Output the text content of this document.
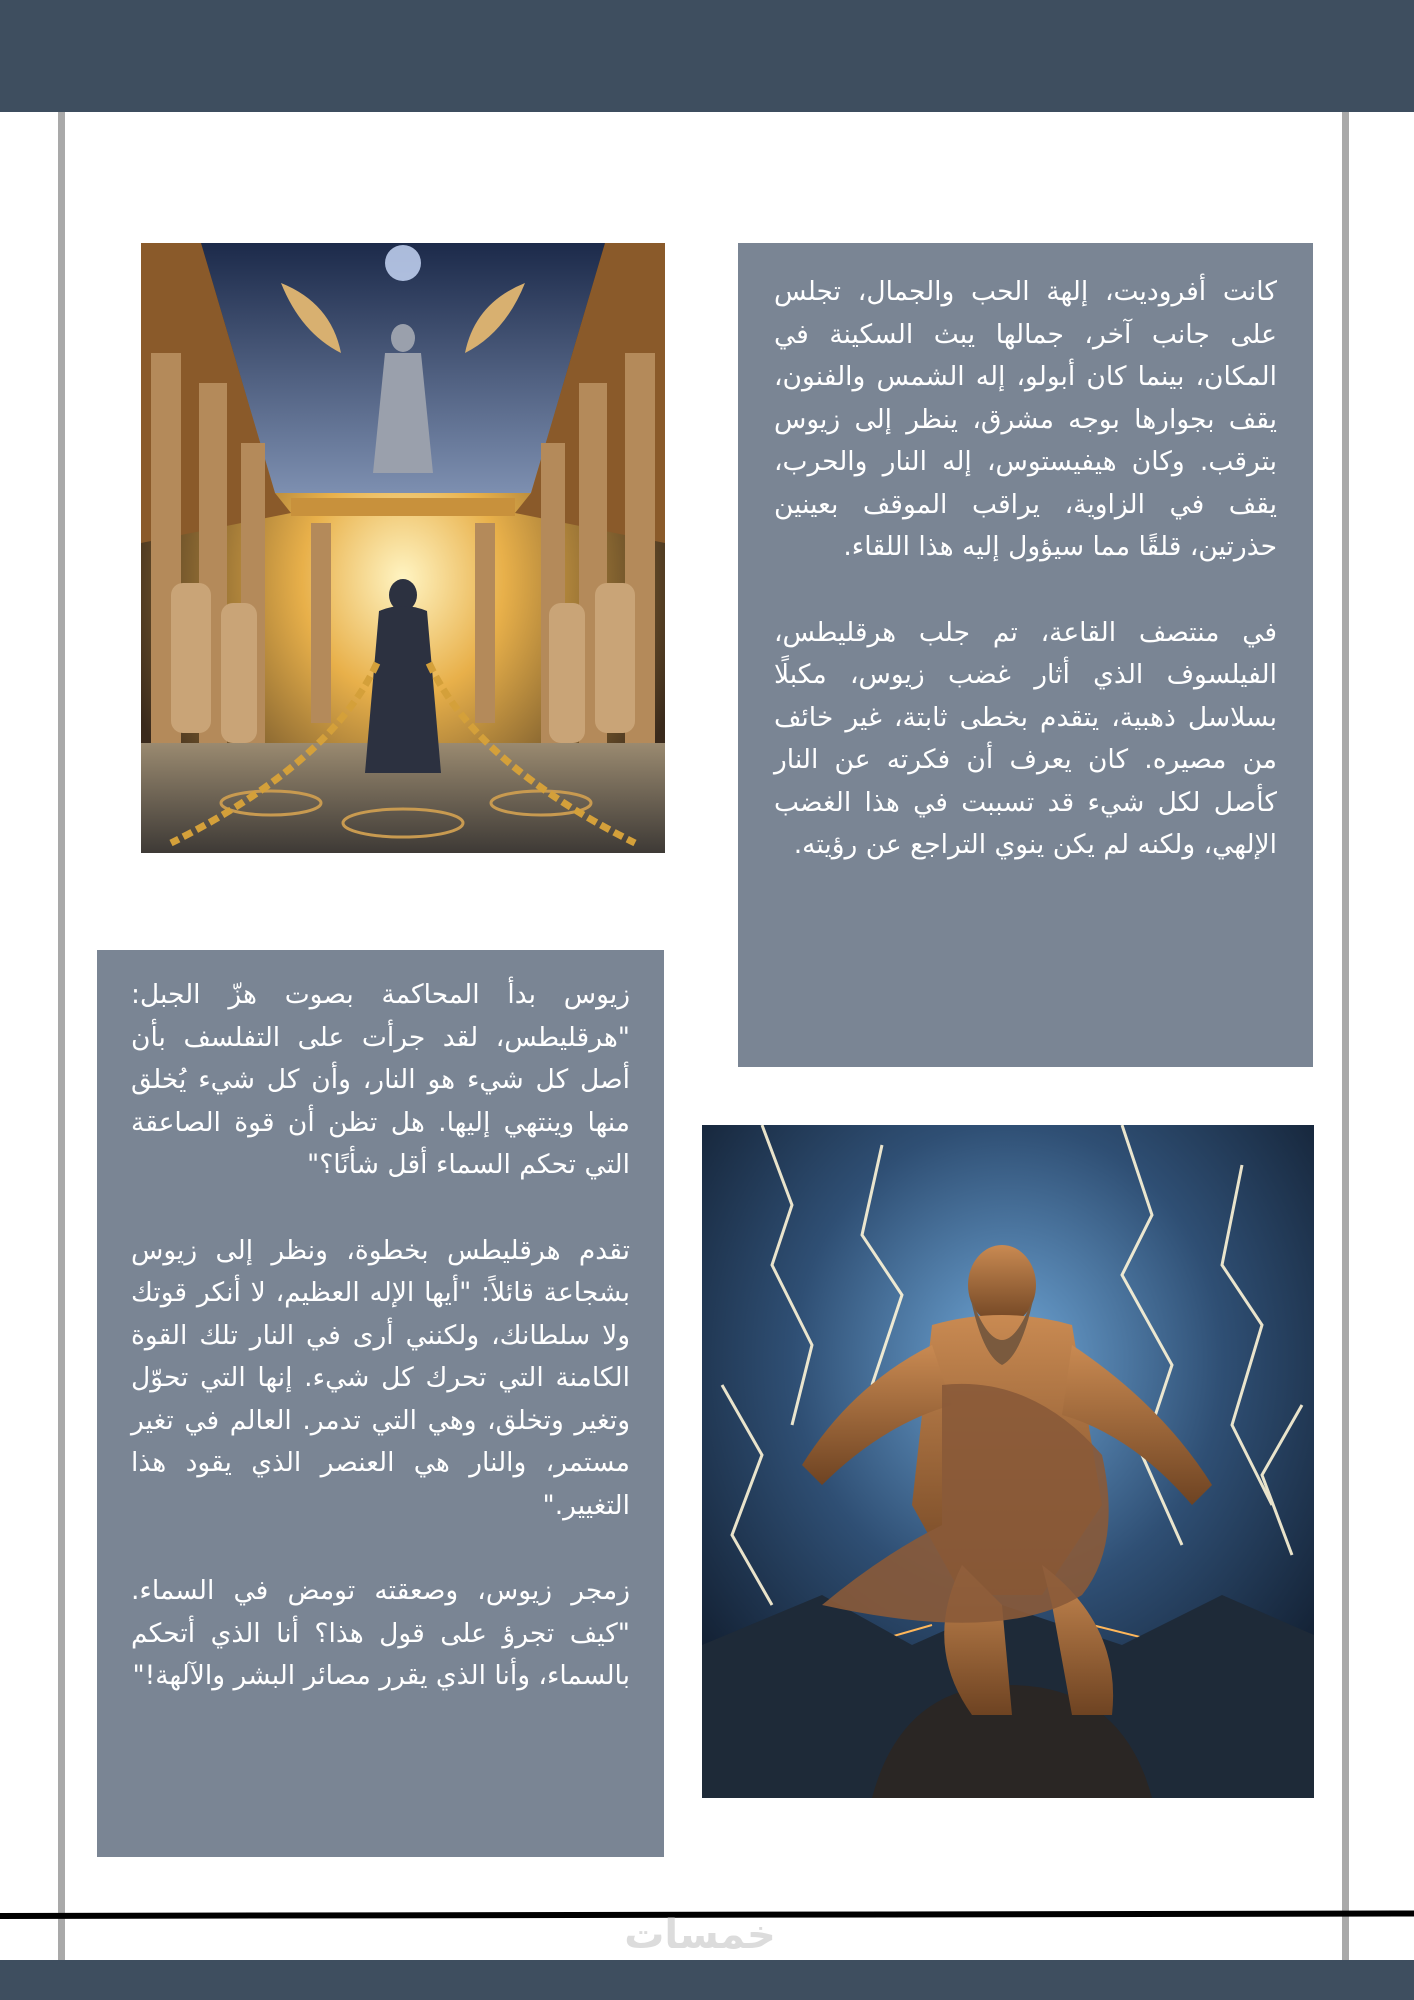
كانت أفروديت، إلهة الحب والجمال، تجلس على جانب آخر، جمالها يبث السكينة في المكان، بينما كان أبولو، إله الشمس والفنون، يقف بجوارها بوجه مشرق، ينظر إلى زيوس بترقب. وكان هيفيستوس، إله النار والحرب، يقف في الزاوية، يراقب الموقف بعينين حذرتين، قلقًا مما سيؤول إليه هذا اللقاء.

في منتصف القاعة، تم جلب هرقليطس، الفيلسوف الذي أثار غضب زيوس، مكبلًا بسلاسل ذهبية، يتقدم بخطى ثابتة، غير خائف من مصيره. كان يعرف أن فكرته عن النار كأصل لكل شيء قد تسببت في هذا الغضب الإلهي، ولكنه لم يكن ينوي التراجع عن رؤيته.

زيوس بدأ المحاكمة بصوت هزّ الجبل: "هرقليطس، لقد جرأت على التفلسف بأن أصل كل شيء هو النار، وأن كل شيء يُخلق منها وينتهي إليها. هل تظن أن قوة الصاعقة التي تحكم السماء أقل شأنًا؟"

تقدم هرقليطس بخطوة، ونظر إلى زيوس بشجاعة قائلاً: "أيها الإله العظيم، لا أنكر قوتك ولا سلطانك، ولكنني أرى في النار تلك القوة الكامنة التي تحرك كل شيء. إنها التي تحوّل وتغير وتخلق، وهي التي تدمر. العالم في تغير مستمر، والنار هي العنصر الذي يقود هذا التغيير."

زمجر زيوس، وصعقته تومض في السماء. "كيف تجرؤ على قول هذا؟ أنا الذي أتحكم بالسماء، وأنا الذي يقرر مصائر البشر والآلهة!"

خمسات
